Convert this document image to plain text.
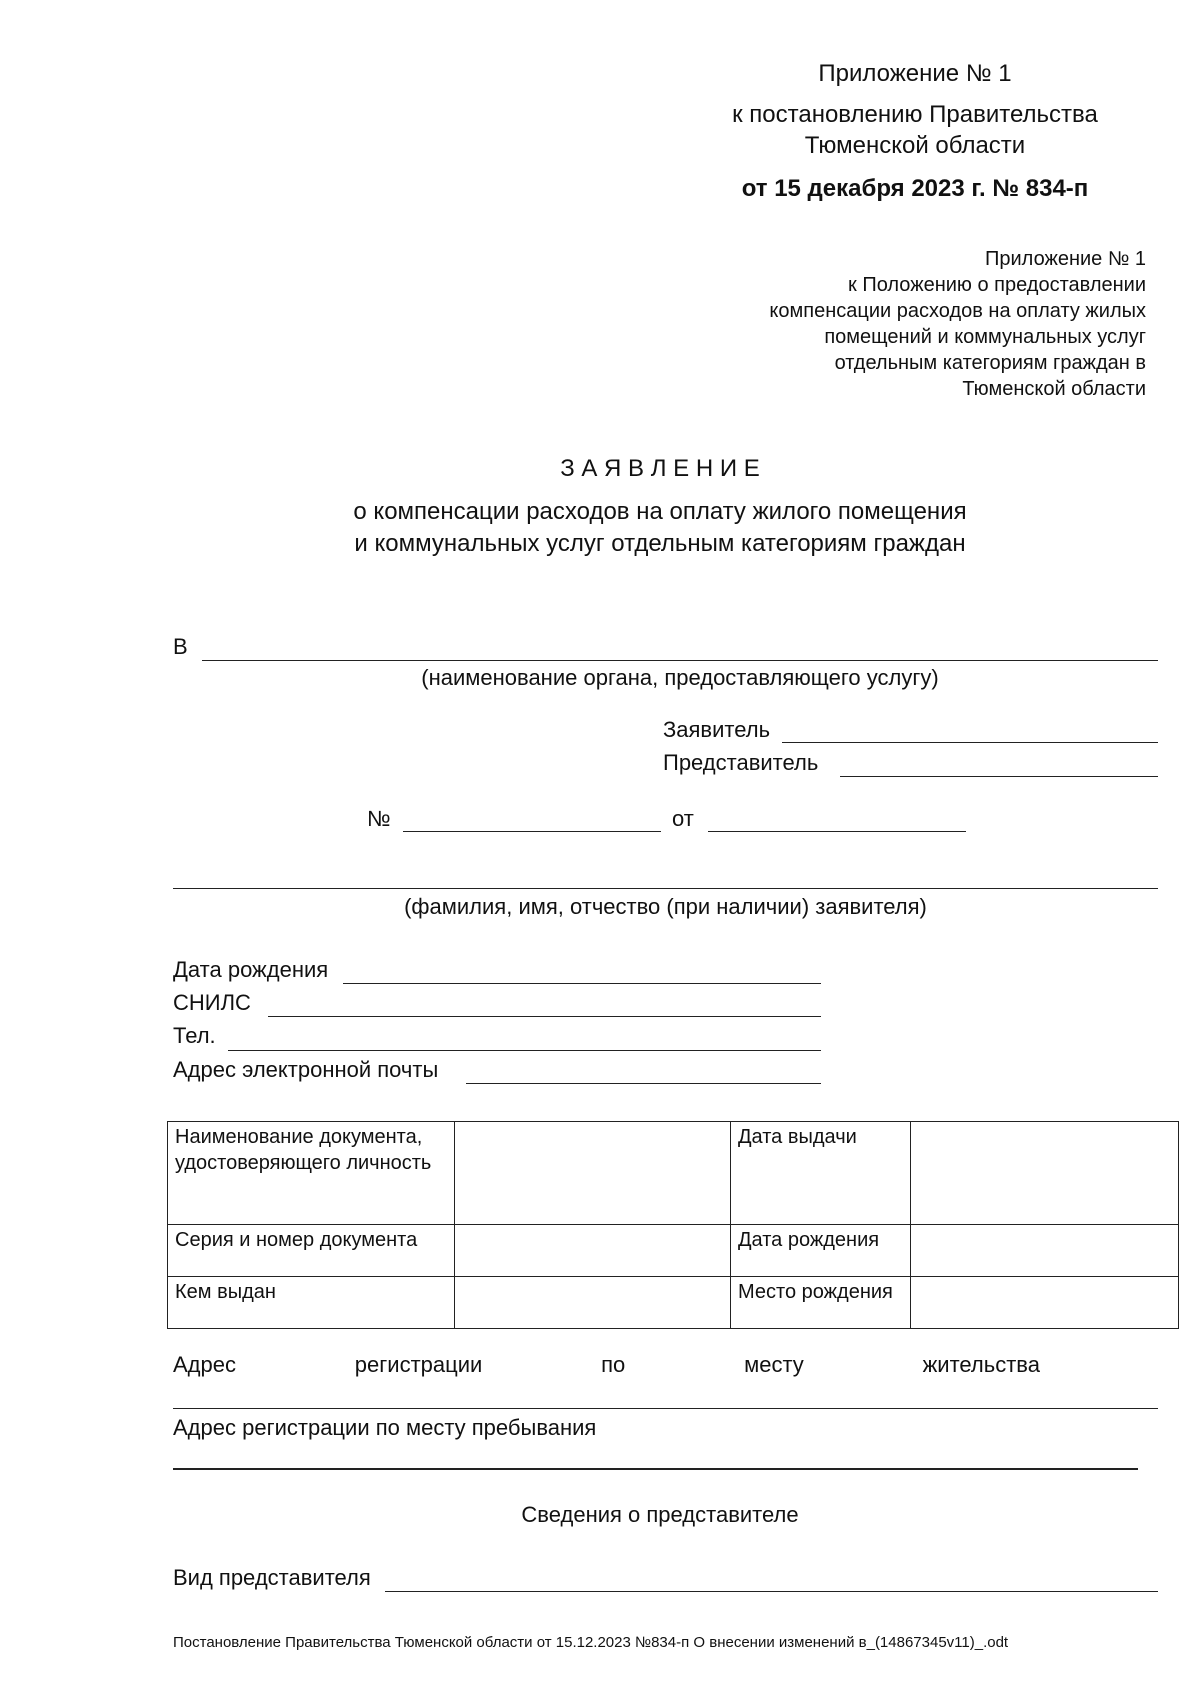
Приложение № 1
к постановлению Правительства
Тюменской области
от 15 декабря 2023 г. № 834-п
Приложение № 1
к Положению о предоставлении
компенсации расходов на оплату жилых
помещений и коммунальных услуг
отдельным категориям граждан в
Тюменской области
З А Я В Л Е Н И Е
о компенсации расходов на оплату жилого помещения
и коммунальных услуг отдельным категориям граждан
В
(наименование органа, предоставляющего услугу)
Заявитель
Представитель
№	от
(фамилия, имя, отчество (при наличии) заявителя)
Дата рождения
СНИЛС
Тел.
Адрес электронной почты
Наименование документа, удостоверяющего личность		Дата выдачи	
Серия и номер документа		Дата рождения	
Кем выдан		Место рождения	
Адрес	регистрации	по	месту	жительства
Адрес регистрации по месту пребывания
Сведения о представителе
Вид представителя
Постановление Правительства Тюменской области от 15.12.2023 №834-п О внесении изменений в_(14867345v11)_.odt
